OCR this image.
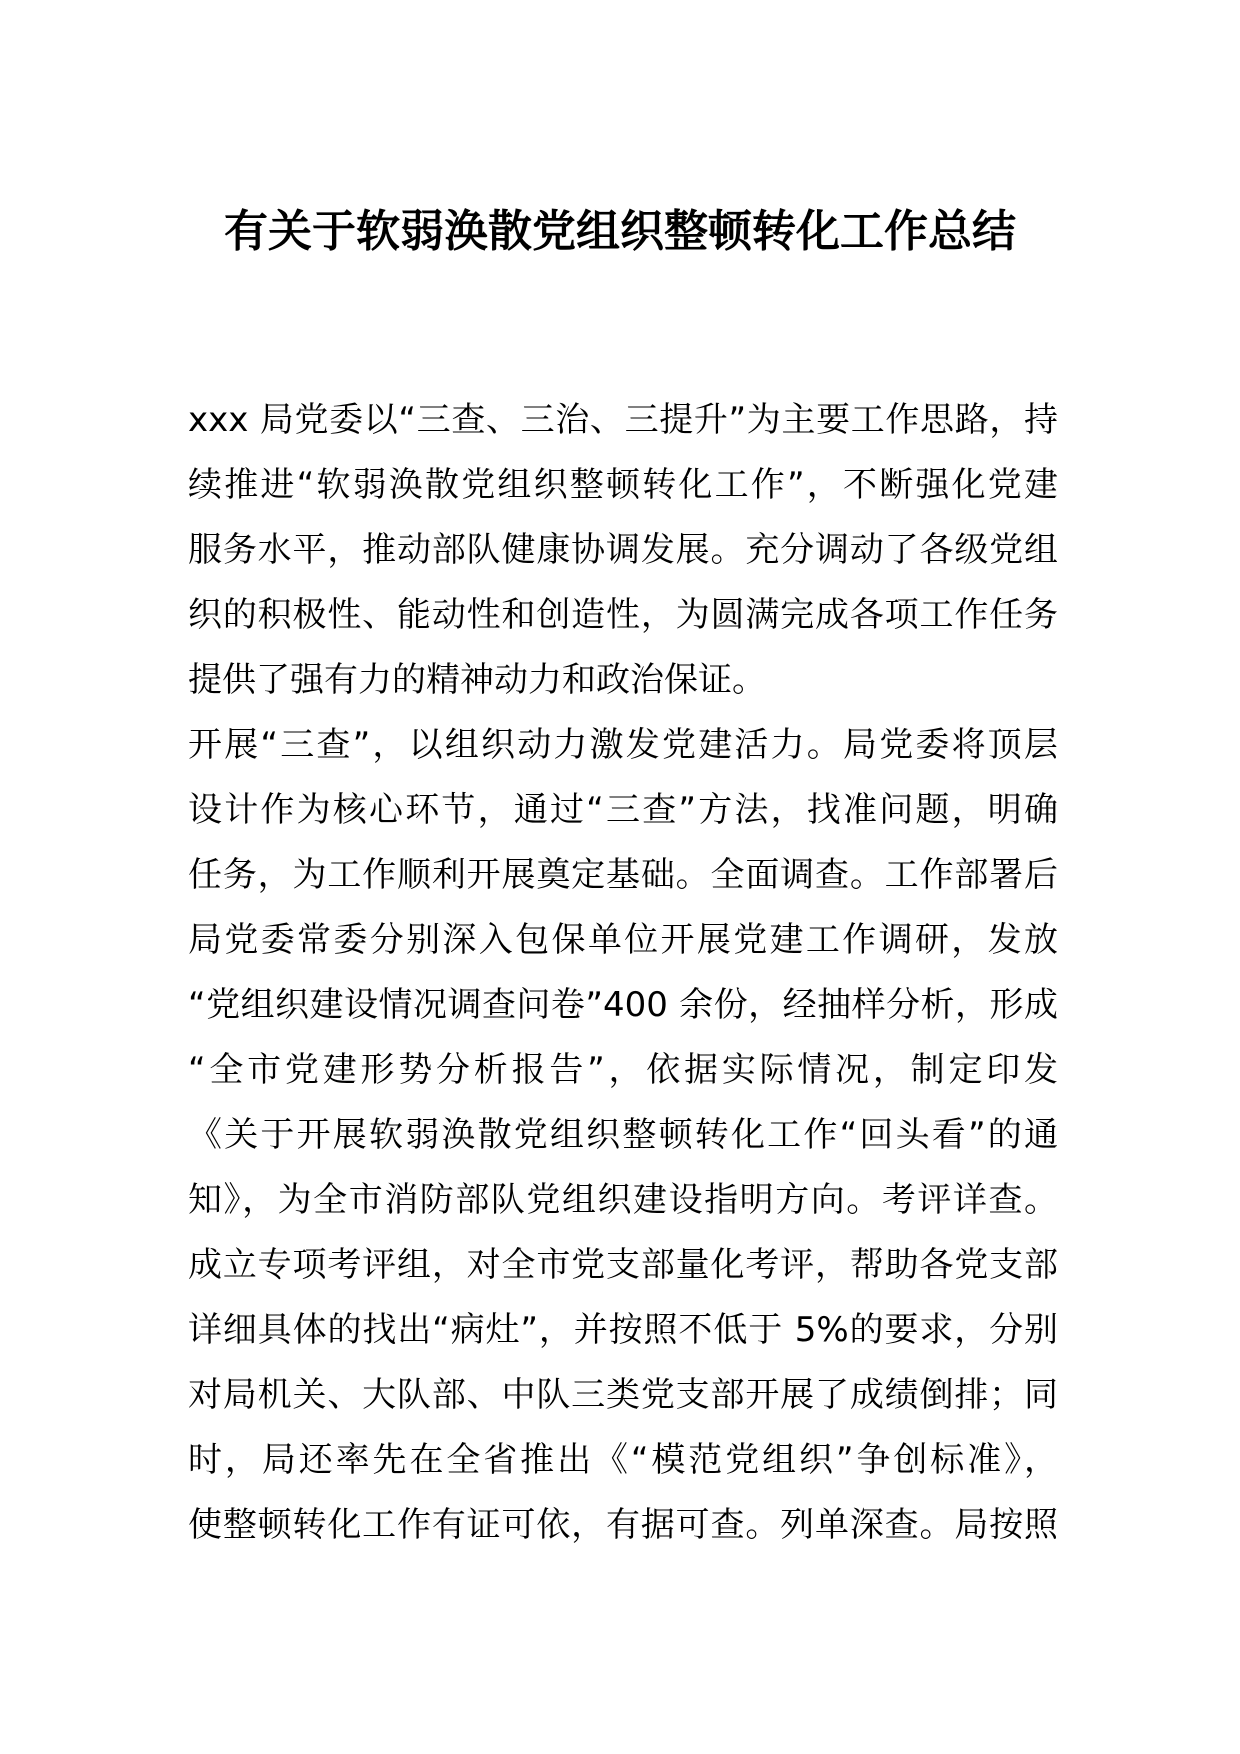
有关于软弱涣散党组织整顿转化工作总结
xxx 局党委以“三查、三治、三提升”为主要工作思路，持
续推进“软弱涣散党组织整顿转化工作”，不断强化党建
服务水平，推动部队健康协调发展。充分调动了各级党组
织的积极性、能动性和创造性，为圆满完成各项工作任务
提供了强有力的精神动力和政治保证。
开展“三查”，以组织动力激发党建活力。局党委将顶层
设计作为核心环节，通过“三查”方法，找准问题，明确
任务，为工作顺利开展奠定基础。全面调查。工作部署后
局党委常委分别深入包保单位开展党建工作调研，发放
“党组织建设情况调查问卷”400 余份，经抽样分析，形成
“全市党建形势分析报告”，依据实际情况，制定印发
《关于开展软弱涣散党组织整顿转化工作“回头看”的通
知》，为全市消防部队党组织建设指明方向。考评详查。
成立专项考评组，对全市党支部量化考评，帮助各党支部
详细具体的找出“病灶”，并按照不低于 5%的要求，分别
对局机关、大队部、中队三类党支部开展了成绩倒排；同
时，局还率先在全省推出《“模范党组织”争创标准》，
使整顿转化工作有证可依，有据可查。列单深查。局按照
